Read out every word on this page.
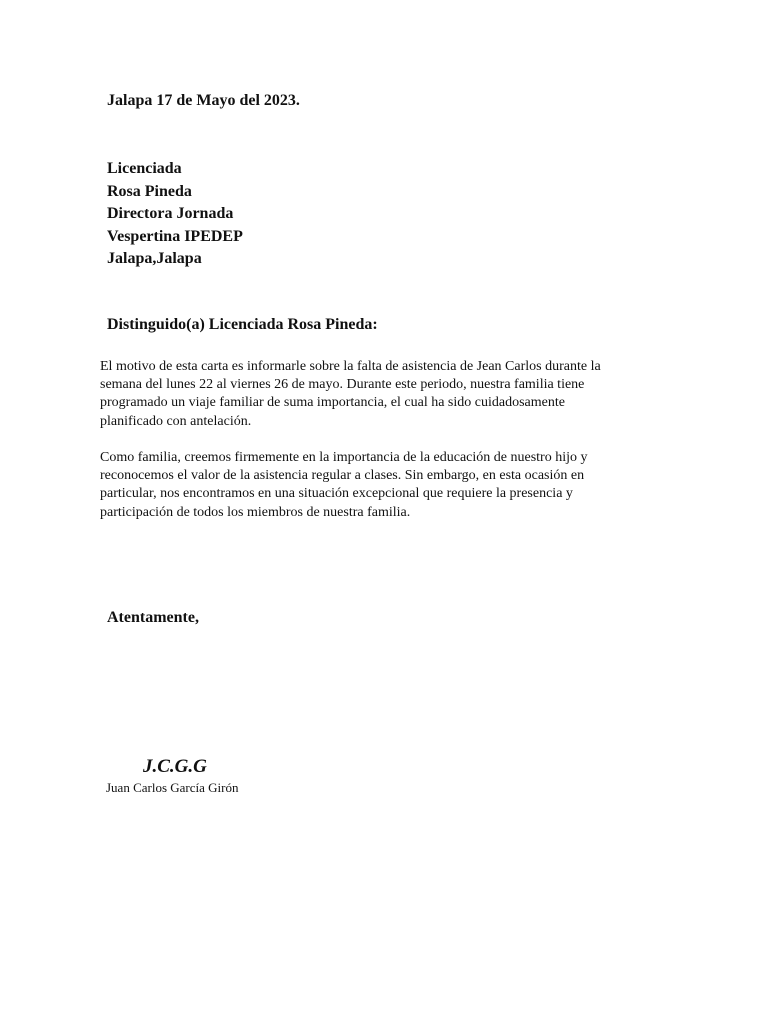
Jalapa 17 de Mayo del 2023.
Licenciada
Rosa Pineda
Directora Jornada
Vespertina IPEDEP
Jalapa,Jalapa
Distinguido(a) Licenciada Rosa Pineda:

El motivo de esta carta es informarle sobre la falta de asistencia de Jean Carlos durante la
semana del lunes 22 al viernes 26 de mayo. Durante este periodo, nuestra familia tiene
programado un viaje familiar de suma importancia, el cual ha sido cuidadosamente
planificado con antelación.

Como familia, creemos firmemente en la importancia de la educación de nuestro hijo y
reconocemos el valor de la asistencia regular a clases. Sin embargo, en esta ocasión en
particular, nos encontramos en una situación excepcional que requiere la presencia y
participación de todos los miembros de nuestra familia.

Atentamente,
J.C.G.G
Juan Carlos García Girón
